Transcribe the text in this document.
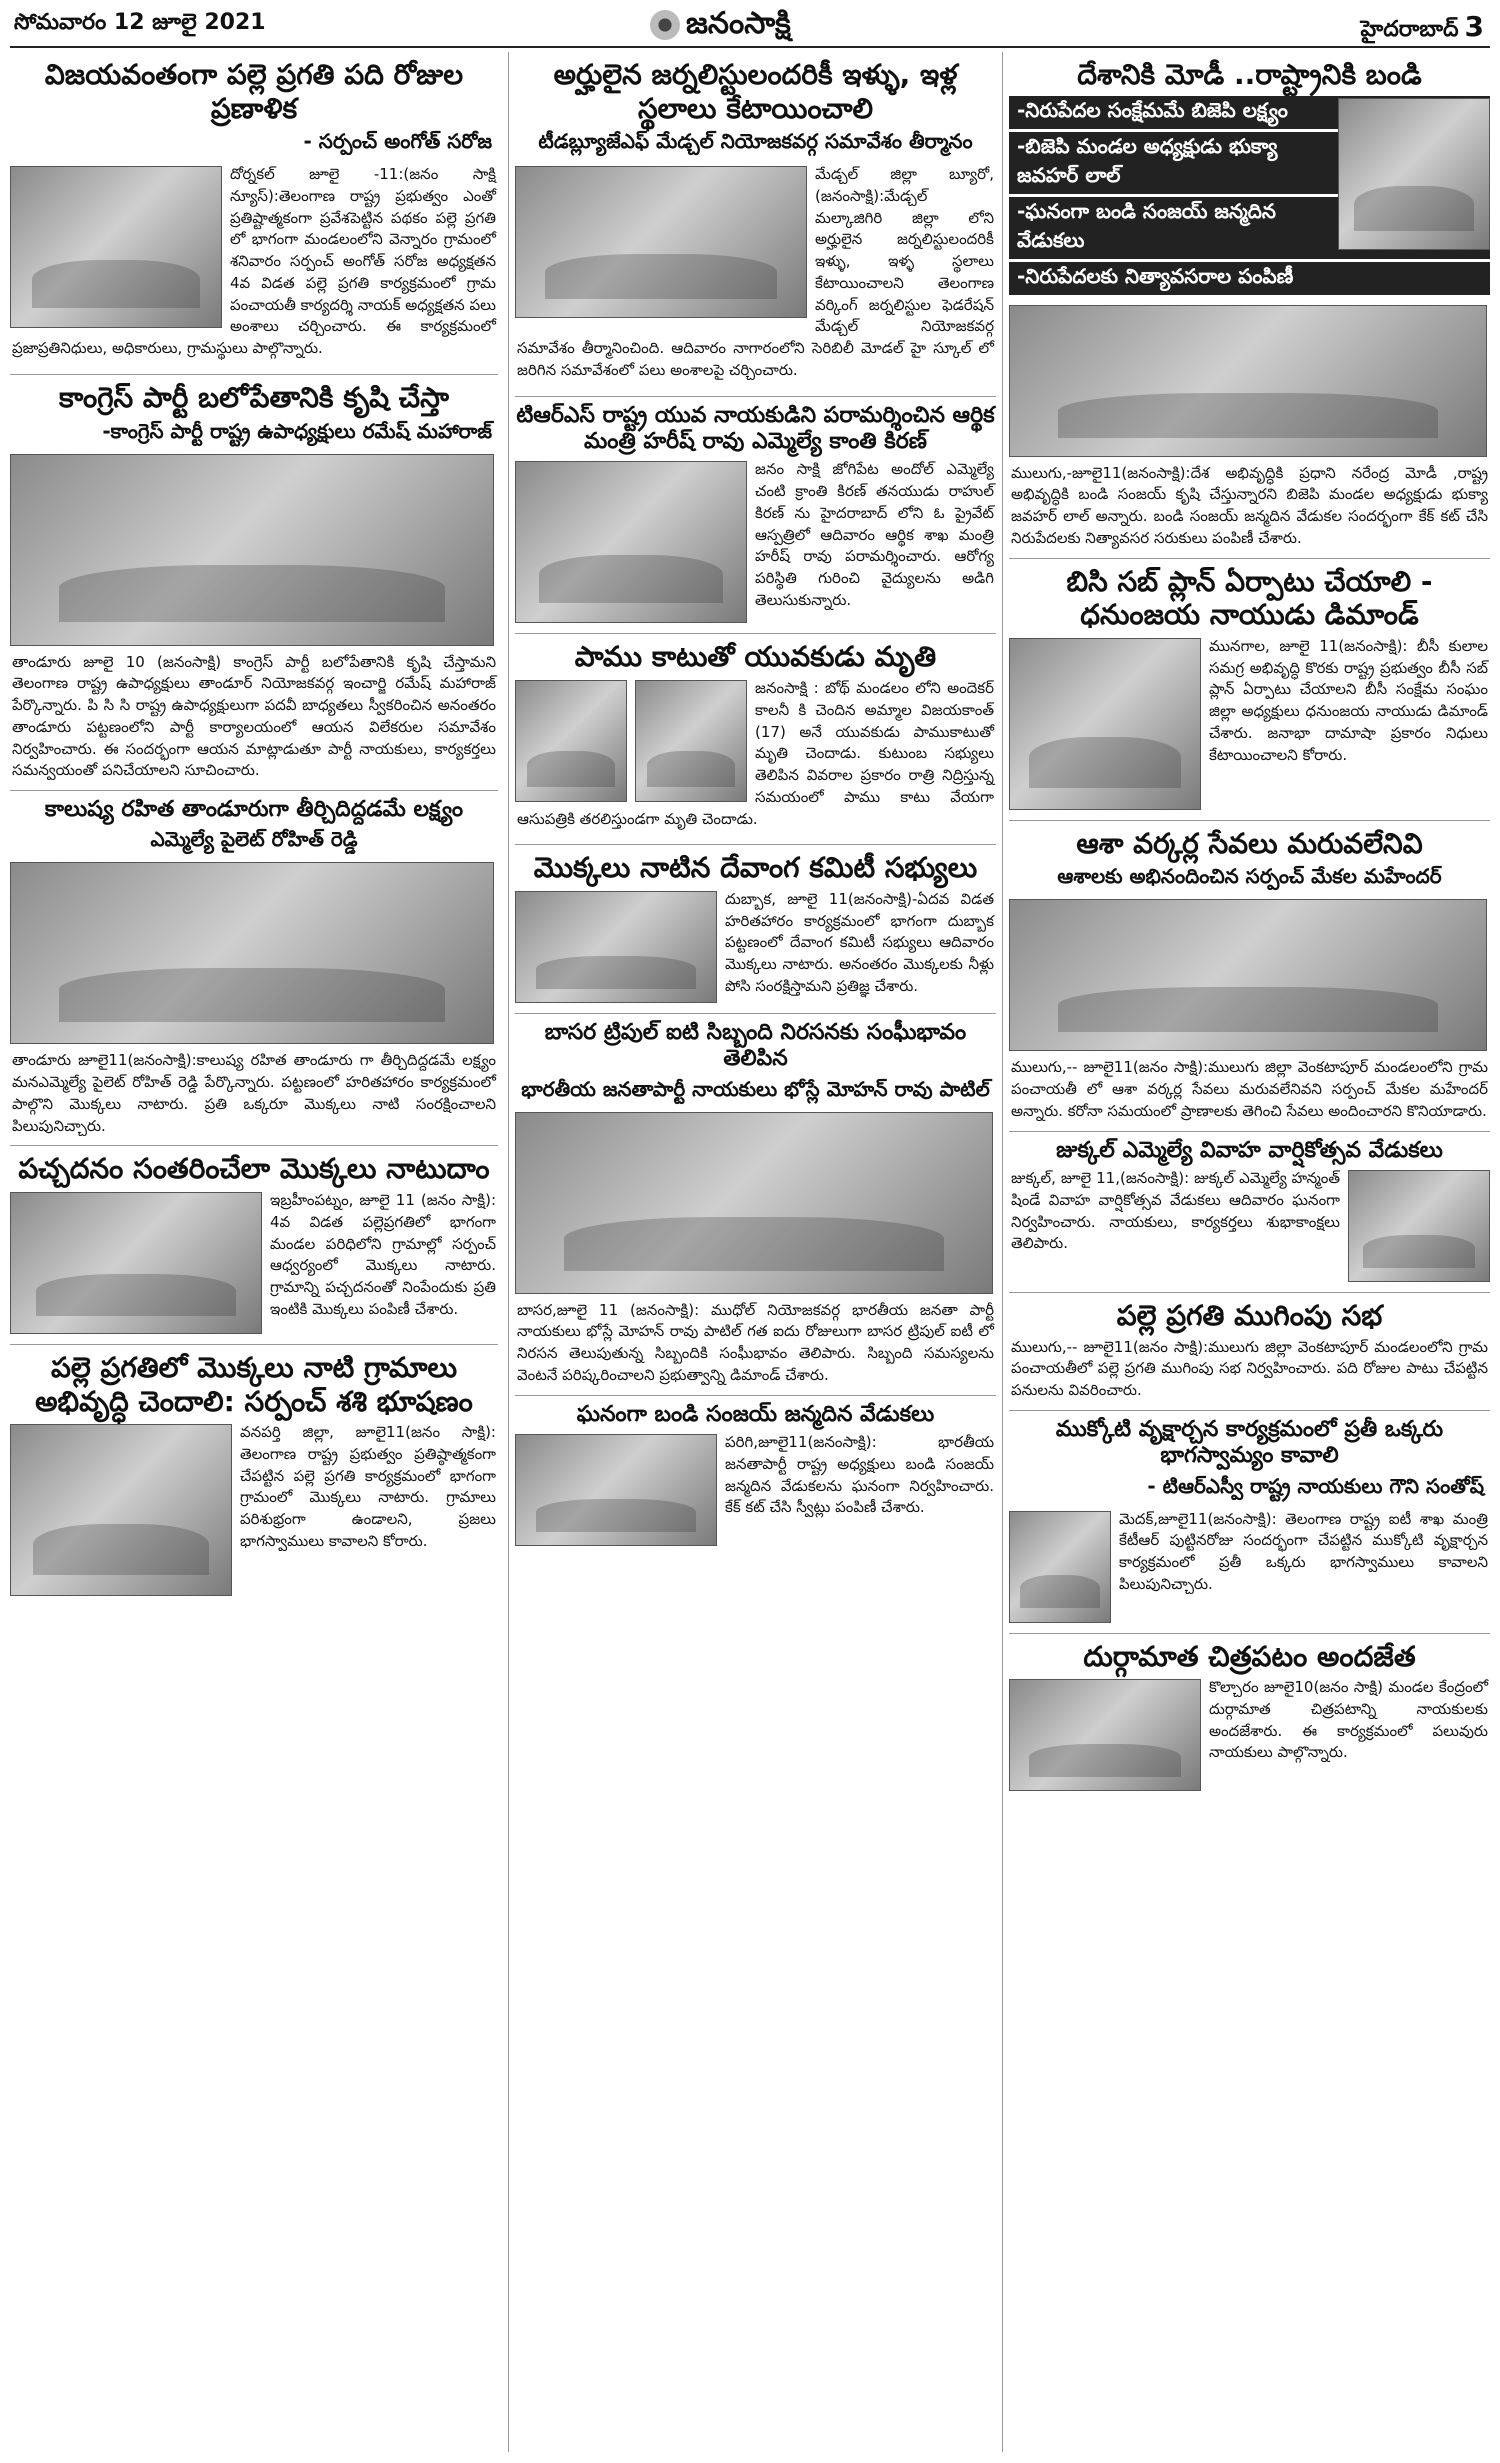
సోమవారం 12 జూలై 2021	జనంసాక్షి	హైదరాబాద్ 3
విజయవంతంగా పల్లె ప్రగతి పది రోజుల ప్రణాళిక
- సర్పంచ్ అంగోత్ సరోజ

దోర్నకల్ జూలై -11:(జనం సాక్షి న్యూస్):తెలంగాణ రాష్ట్ర ప్రభుత్వం ఎంతో ప్రతిష్టాత్మకంగా ప్రవేశపెట్టిన పథకం పల్లె ప్రగతి లో భాగంగా మండలంలోని వెన్నారం గ్రామంలో శనివారం సర్పంచ్ అంగోత్ సరోజ అధ్యక్షతన 4వ విడత పల్లె ప్రగతి కార్యక్రమంలో గ్రామ పంచాయతీ కార్యదర్శి నాయక్ అధ్యక్షతన పలు అంశాలు చర్చించారు. ఈ కార్యక్రమంలో ప్రజాప్రతినిధులు, అధికారులు, గ్రామస్థులు పాల్గొన్నారు.

కాంగ్రెస్ పార్టీ బలోపేతానికి కృషి చేస్తా
-కాంగ్రెస్ పార్టీ రాష్ట్ర ఉపాధ్యక్షులు రమేష్ మహారాజ్

తాండూరు జూలై 10 (జనంసాక్షి) కాంగ్రెస్ పార్టీ బలోపేతానికి కృషి చేస్తామని తెలంగాణ రాష్ట్ర ఉపాధ్యక్షులు తాండూర్ నియోజకవర్గ ఇంచార్జి రమేష్ మహారాజ్ పేర్కొన్నారు. పి సి సి రాష్ట్ర ఉపాధ్యక్షులుగా పదవీ బాధ్యతలు స్వీకరించిన అనంతరం తాండూరు పట్టణంలోని పార్టీ కార్యాలయంలో ఆయన విలేకరుల సమావేశం నిర్వహించారు. ఈ సందర్భంగా ఆయన మాట్లాడుతూ పార్టీ నాయకులు, కార్యకర్తలు సమన్వయంతో పనిచేయాలని సూచించారు.

కాలుష్య రహిత తాండూరుగా తీర్చిదిద్దడమే లక్ష్యం
ఎమ్మెల్యే పైలెట్ రోహిత్ రెడ్డి

తాండూరు జూలై11(జనంసాక్షి):కాలుష్య రహిత తాండూరు గా తీర్చిదిద్దడమే లక్ష్యం మనఎమ్మెల్యే పైలెట్ రోహిత్ రెడ్డి పేర్కొన్నారు. పట్టణంలో హరితహారం కార్యక్రమంలో పాల్గొని మొక్కలు నాటారు. ప్రతి ఒక్కరూ మొక్కలు నాటి సంరక్షించాలని పిలుపునిచ్చారు.

పచ్చదనం సంతరించేలా మొక్కలు నాటుదాం

ఇబ్రహీంపట్నం, జూలై 11 (జనం సాక్షి): 4వ విడత పల్లెప్రగతిలో భాగంగా మండల పరిధిలోని గ్రామాల్లో సర్పంచ్ ఆధ్వర్యంలో మొక్కలు నాటారు. గ్రామాన్ని పచ్చదనంతో నింపేందుకు ప్రతి ఇంటికి మొక్కలు పంపిణీ చేశారు.

పల్లె ప్రగతిలో మొక్కలు నాటి గ్రామాలు అభివృద్ధి చెందాలి: సర్పంచ్ శశి భూషణం

వనపర్తి జిల్లా, జూలై11(జనం సాక్షి): తెలంగాణ రాష్ట్ర ప్రభుత్వం ప్రతిష్ఠాత్మకంగా చేపట్టిన పల్లె ప్రగతి కార్యక్రమంలో భాగంగా గ్రామంలో మొక్కలు నాటారు. గ్రామాలు పరిశుభ్రంగా ఉండాలని, ప్రజలు భాగస్వాములు కావాలని కోరారు.

అర్హులైన జర్నలిస్టులందరికీ ఇళ్ళు, ఇళ్ల స్థలాలు కేటాయించాలి
టీడబ్ల్యూజేఎఫ్ మేడ్చల్ నియోజకవర్గ సమావేశం తీర్మానం

మేడ్చల్ జిల్లా బ్యూరో, (జనంసాక్షి):మేడ్చల్ మల్కాజిగిరి జిల్లా లోని అర్హులైన జర్నలిస్టులందరికీ ఇళ్ళు, ఇళ్ళ స్థలాలు కేటాయించాలని తెలంగాణ వర్కింగ్ జర్నలిస్టుల ఫెడరేషన్ మేడ్చల్ నియోజకవర్గ సమావేశం తీర్మానించింది. ఆదివారం నాగారంలోని సెరిబిలీ మోడల్ హై స్కూల్ లో జరిగిన సమావేశంలో పలు అంశాలపై చర్చించారు.

టిఆర్ఎస్ రాష్ట్ర యువ నాయకుడిని పరామర్శించిన ఆర్థిక మంత్రి హరీష్ రావు ఎమ్మెల్యే కాంతి కిరణ్

జనం సాక్షి జోగిపేట అందోల్ ఎమ్మెల్యే చంటి క్రాంతి కిరణ్ తనయుడు రాహుల్ కిరణ్ ను హైదరాబాద్ లోని ఓ ప్రైవేట్ ఆస్పత్రిలో ఆదివారం ఆర్థిక శాఖ మంత్రి హరీష్ రావు పరామర్శించారు. ఆరోగ్య పరిస్థితి గురించి వైద్యులను అడిగి తెలుసుకున్నారు.

పాము కాటుతో యువకుడు మృతి

జనంసాక్షి : బోథ్ మండలం లోని అందెకర్ కాలనీ కి చెందిన అమ్మాల విజయకాంత్ (17) అనే యువకుడు పాముకాటుతో మృతి చెందాడు. కుటుంబ సభ్యులు తెలిపిన వివరాల ప్రకారం రాత్రి నిద్రిస్తున్న సమయంలో పాము కాటు వేయగా ఆసుపత్రికి తరలిస్తుండగా మృతి చెందాడు.

మొక్కలు నాటిన దేవాంగ కమిటీ సభ్యులు

దుబ్బాక, జూలై 11(జనంసాక్షి)-ఏదవ విడత హరితహారం కార్యక్రమంలో భాగంగా దుబ్బాక పట్టణంలో దేవాంగ కమిటీ సభ్యులు ఆదివారం మొక్కలు నాటారు. అనంతరం మొక్కలకు నీళ్లు పోసి సంరక్షిస్తామని ప్రతిజ్ఞ చేశారు.

బాసర ట్రిపుల్ ఐటి సిబ్బంది నిరసనకు సంఘీభావం తెలిపిన
భారతీయ జనతాపార్టీ నాయకులు భోస్లే మోహన్ రావు పాటిల్

బాసర,జూలై 11 (జనంసాక్షి): ముధోల్ నియోజకవర్గ భారతీయ జనతా పార్టీ నాయకులు భోస్లే మోహన్ రావు పాటిల్ గత ఐదు రోజులుగా బాసర ట్రిపుల్ ఐటీ లో నిరసన తెలుపుతున్న సిబ్బందికి సంఘీభావం తెలిపారు. సిబ్బంది సమస్యలను వెంటనే పరిష్కరించాలని ప్రభుత్వాన్ని డిమాండ్ చేశారు.

ఘనంగా బండి సంజయ్ జన్మదిన వేడుకలు

పరిగి,జూలై11(జనంసాక్షి): భారతీయ జనతాపార్టీ రాష్ట్ర అధ్యక్షులు బండి సంజయ్ జన్మదిన వేడుకలను ఘనంగా నిర్వహించారు. కేక్ కట్ చేసి స్వీట్లు పంపిణీ చేశారు.

దేశానికి మోడీ ..రాష్ట్రానికి బండి
-నిరుపేదల సంక్షేమమే బిజెపి లక్ష్యం
-బిజెపి మండల అధ్యక్షుడు భుక్యా జవహర్ లాల్
-ఘనంగా బండి సంజయ్ జన్మదిన వేడుకలు
-నిరుపేదలకు నిత్యావసరాల పంపిణీ

ములుగు,-జూలై11(జనంసాక్షి):దేశ అభివృద్ధికి ప్రధాని నరేంద్ర మోడీ ,రాష్ట్ర అభివృద్ధికి బండి సంజయ్ కృషి చేస్తున్నారని బిజెపి మండల అధ్యక్షుడు భుక్యా జవహర్ లాల్ అన్నారు. బండి సంజయ్ జన్మదిన వేడుకల సందర్భంగా కేక్ కట్ చేసి నిరుపేదలకు నిత్యావసర సరుకులు పంపిణీ చేశారు.

బిసి సబ్ ప్లాన్ ఏర్పాటు చేయాలి - ధనుంజయ నాయుడు డిమాండ్

మునగాల, జూలై 11(జనంసాక్షి): బీసీ కులాల సమగ్ర అభివృద్ధి కొరకు రాష్ట్ర ప్రభుత్వం బీసీ సబ్ ప్లాన్ ఏర్పాటు చేయాలని బీసీ సంక్షేమ సంఘం జిల్లా అధ్యక్షులు ధనుంజయ నాయుడు డిమాండ్ చేశారు. జనాభా దామాషా ప్రకారం నిధులు కేటాయించాలని కోరారు.

ఆశా వర్కర్ల సేవలు మరువలేనివి
ఆశాలకు అభినందించిన సర్పంచ్ మేకల మహేందర్

ములుగు,-- జూలై11(జనం సాక్షి):ములుగు జిల్లా వెంకటాపూర్ మండలంలోని గ్రామ పంచాయతీ లో ఆశా వర్కర్ల సేవలు మరువలేనివని సర్పంచ్ మేకల మహేందర్ అన్నారు. కరోనా సమయంలో ప్రాణాలకు తెగించి సేవలు అందించారని కొనియాడారు.

జుక్కల్ ఎమ్మెల్యే వివాహ వార్షికోత్సవ వేడుకలు

జుక్కల్, జూలై 11,(జనంసాక్షి): జుక్కల్ ఎమ్మెల్యే హన్మంత్ షిండే వివాహ వార్షికోత్సవ వేడుకలు ఆదివారం ఘనంగా నిర్వహించారు. నాయకులు, కార్యకర్తలు శుభాకాంక్షలు తెలిపారు.

పల్లె ప్రగతి ముగింపు సభ

ములుగు,-- జూలై11(జనం సాక్షి):ములుగు జిల్లా వెంకటాపూర్ మండలంలోని గ్రామ పంచాయతీలో పల్లె ప్రగతి ముగింపు సభ నిర్వహించారు. పది రోజుల పాటు చేపట్టిన పనులను వివరించారు.

ముక్కోటి వృక్షార్చన కార్యక్రమంలో ప్రతీ ఒక్కరు భాగస్వామ్యం కావాలి
- టిఆర్ఎస్వీ రాష్ట్ర నాయకులు గౌని సంతోష్

మెదక్,జూలై11(జనంసాక్షి): తెలంగాణ రాష్ట్ర ఐటీ శాఖ మంత్రి కేటీఆర్ పుట్టినరోజు సందర్భంగా చేపట్టిన ముక్కోటి వృక్షార్చన కార్యక్రమంలో ప్రతీ ఒక్కరు భాగస్వాములు కావాలని పిలుపునిచ్చారు.

దుర్గామాత చిత్రపటం అందజేత

కొల్చారం జూలై10(జనం సాక్షి) మండల కేంద్రంలో దుర్గామాత చిత్రపటాన్ని నాయకులకు అందజేశారు. ఈ కార్యక్రమంలో పలువురు నాయకులు పాల్గొన్నారు.
